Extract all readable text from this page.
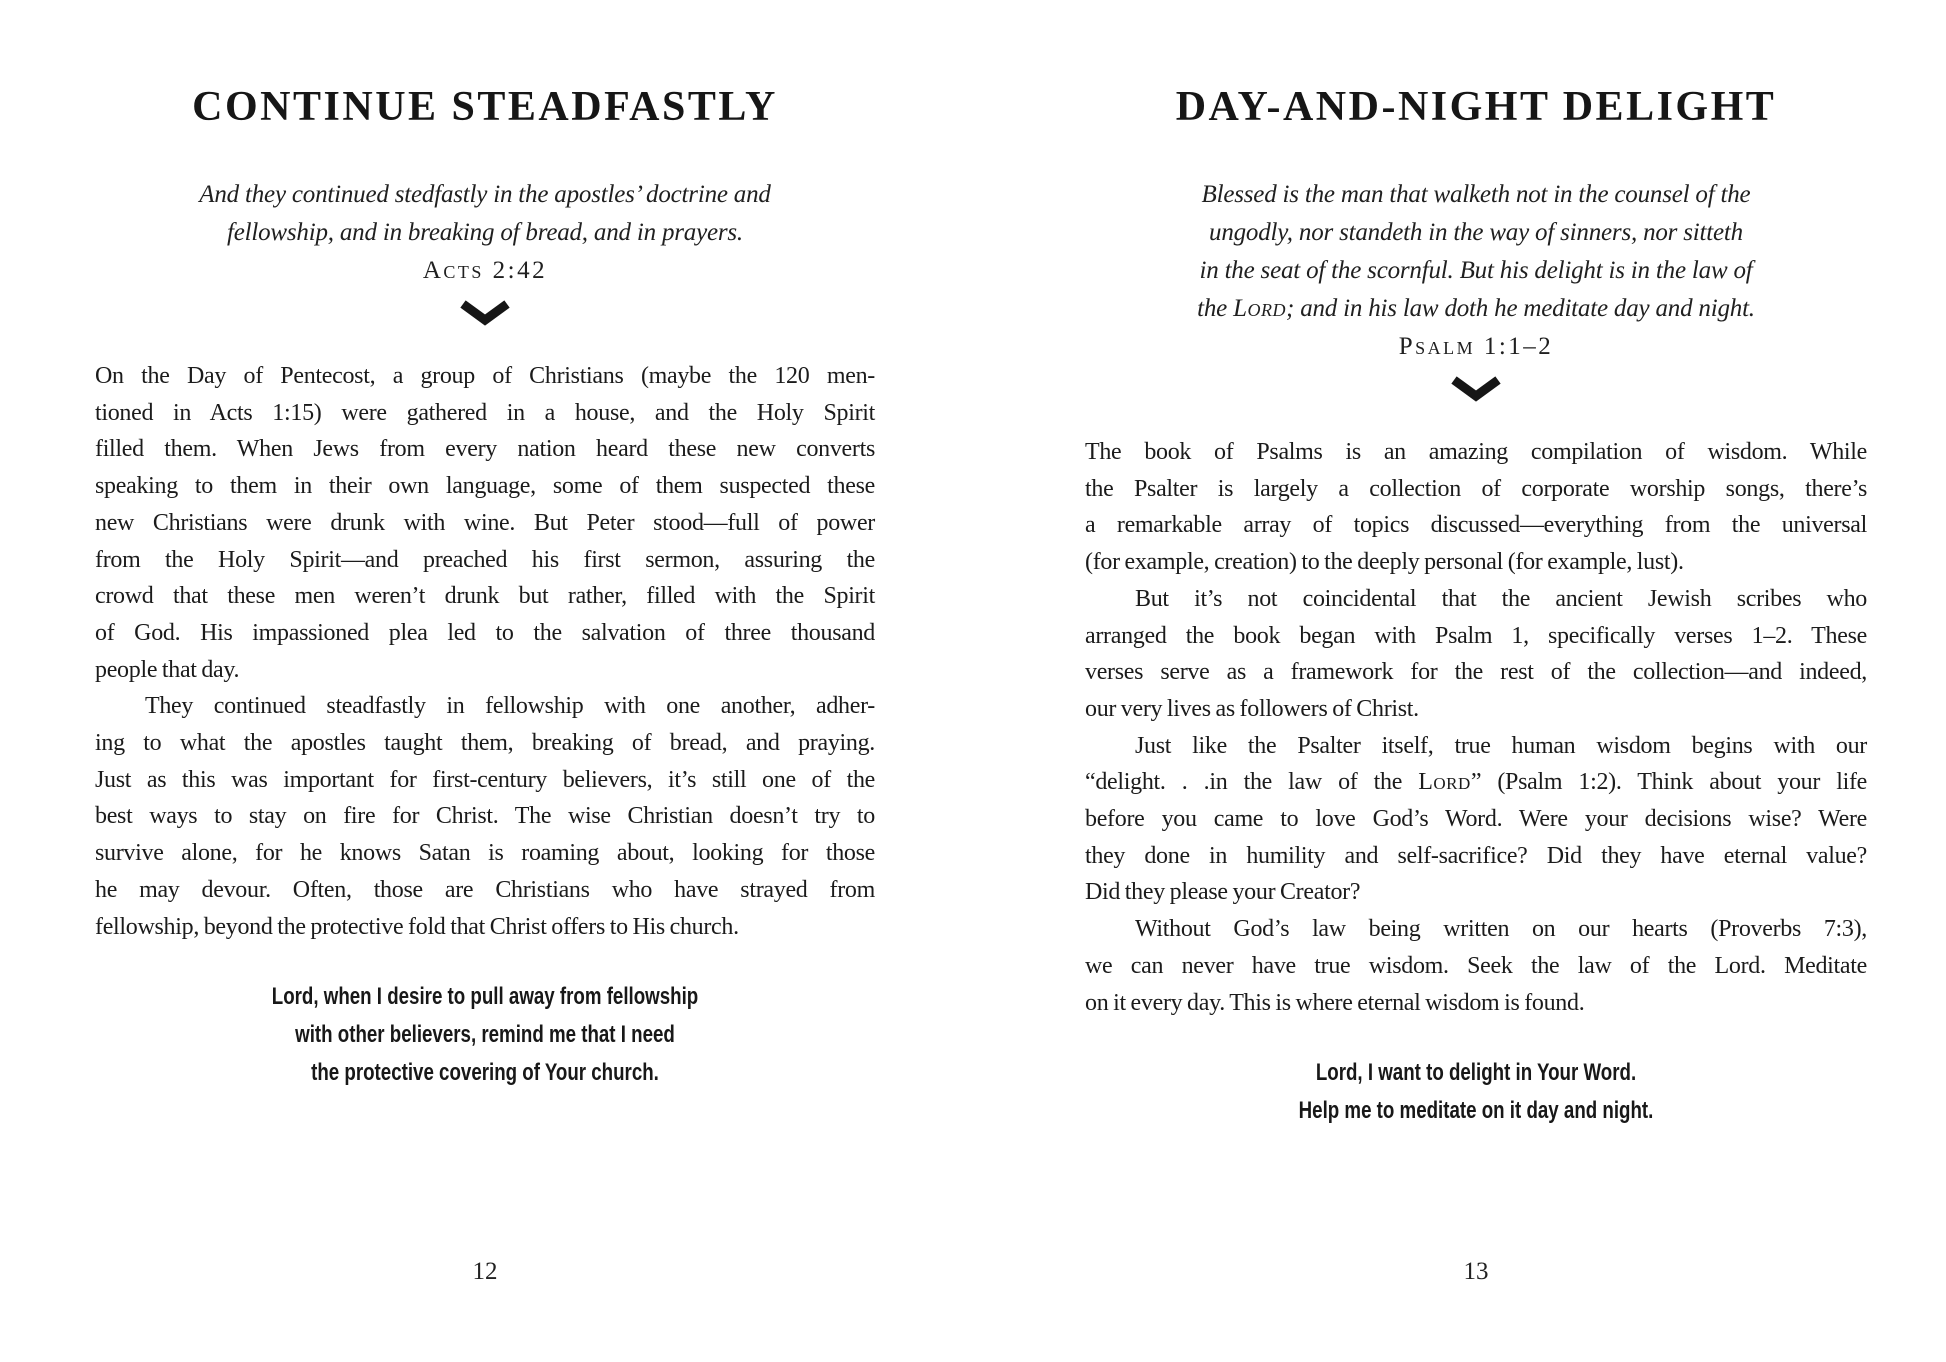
CONTINUE STEADFASTLY
And they continued stedfastly in the apostles’ doctrine and
fellowship, and in breaking of bread, and in prayers.
Acts 2:42
On the Day of Pentecost, a group of Christians (maybe the 120 men-
tioned in Acts 1:15) were gathered in a house, and the Holy Spirit
filled them. When Jews from every nation heard these new converts
speaking to them in their own language, some of them suspected these
new Christians were drunk with wine. But Peter stood—full of power
from the Holy Spirit—and preached his first sermon, assuring the
crowd that these men weren’t drunk but rather, filled with the Spirit
of God. His impassioned plea led to the salvation of three thousand
people that day.
They continued steadfastly in fellowship with one another, adher-
ing to what the apostles taught them, breaking of bread, and praying.
Just as this was important for first-century believers, it’s still one of the
best ways to stay on fire for Christ. The wise Christian doesn’t try to
survive alone, for he knows Satan is roaming about, looking for those
he may devour. Often, those are Christians who have strayed from
fellowship, beyond the protective fold that Christ offers to His church.
Lord, when I desire to pull away from fellowship
with other believers, remind me that I need
the protective covering of Your church.
12
DAY-AND-NIGHT DELIGHT
Blessed is the man that walketh not in the counsel of the
ungodly, nor standeth in the way of sinners, nor sitteth
in the seat of the scornful. But his delight is in the law of
the Lord; and in his law doth he meditate day and night.
Psalm 1:1–2
The book of Psalms is an amazing compilation of wisdom. While
the Psalter is largely a collection of corporate worship songs, there’s
a remarkable array of topics discussed—everything from the universal
(for example, creation) to the deeply personal (for example, lust).
But it’s not coincidental that the ancient Jewish scribes who
arranged the book began with Psalm 1, specifically verses 1–2. These
verses serve as a framework for the rest of the collection—and indeed,
our very lives as followers of Christ.
Just like the Psalter itself, true human wisdom begins with our
“delight. . .in the law of the Lord” (Psalm 1:2). Think about your life
before you came to love God’s Word. Were your decisions wise? Were
they done in humility and self-sacrifice? Did they have eternal value?
Did they please your Creator?
Without God’s law being written on our hearts (Proverbs 7:3),
we can never have true wisdom. Seek the law of the Lord. Meditate
on it every day. This is where eternal wisdom is found.
Lord, I want to delight in Your Word.
Help me to meditate on it day and night.
13
